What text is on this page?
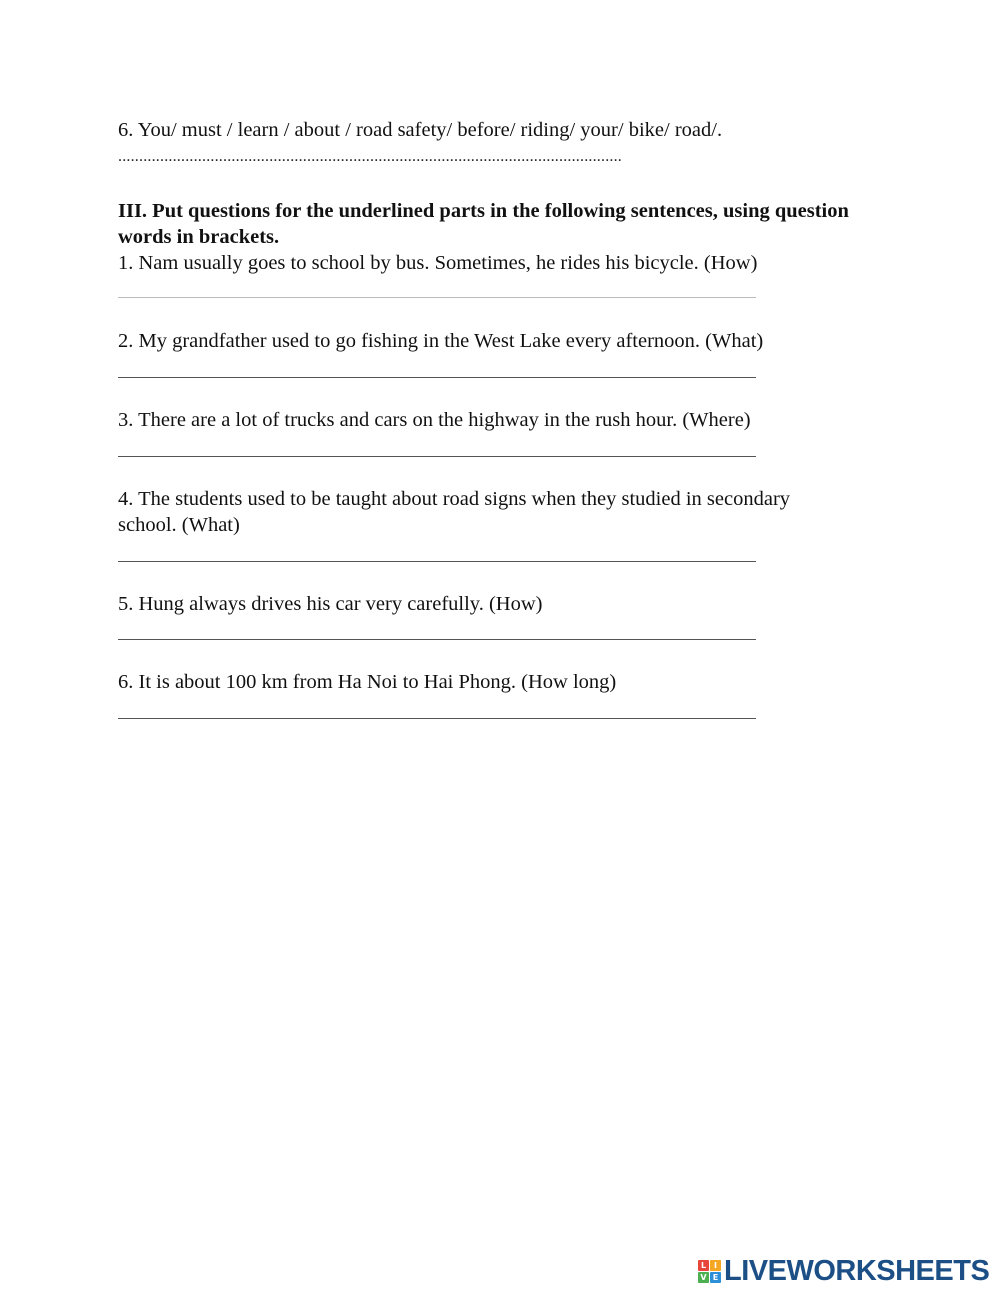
6. You/ must / learn / about / road safety/ before/ riding/ your/ bike/ road/.
........................................................................................................................
III. Put questions for the underlined parts in the following sentences, using question words in brackets.
1. Nam usually goes to school by bus. Sometimes, he rides his bicycle. (How)
2. My grandfather used to go fishing in the West Lake every afternoon. (What)
3. There are a lot of trucks and cars on the highway in the rush hour. (Where)
4. The students used to be taught about road signs when they studied in secondary
school. (What)
5. Hung always drives his car very carefully. (How)
6. It is about 100 km from Ha Noi to Hai Phong. (How long)
L I
V E LIVEWORKSHEETS
